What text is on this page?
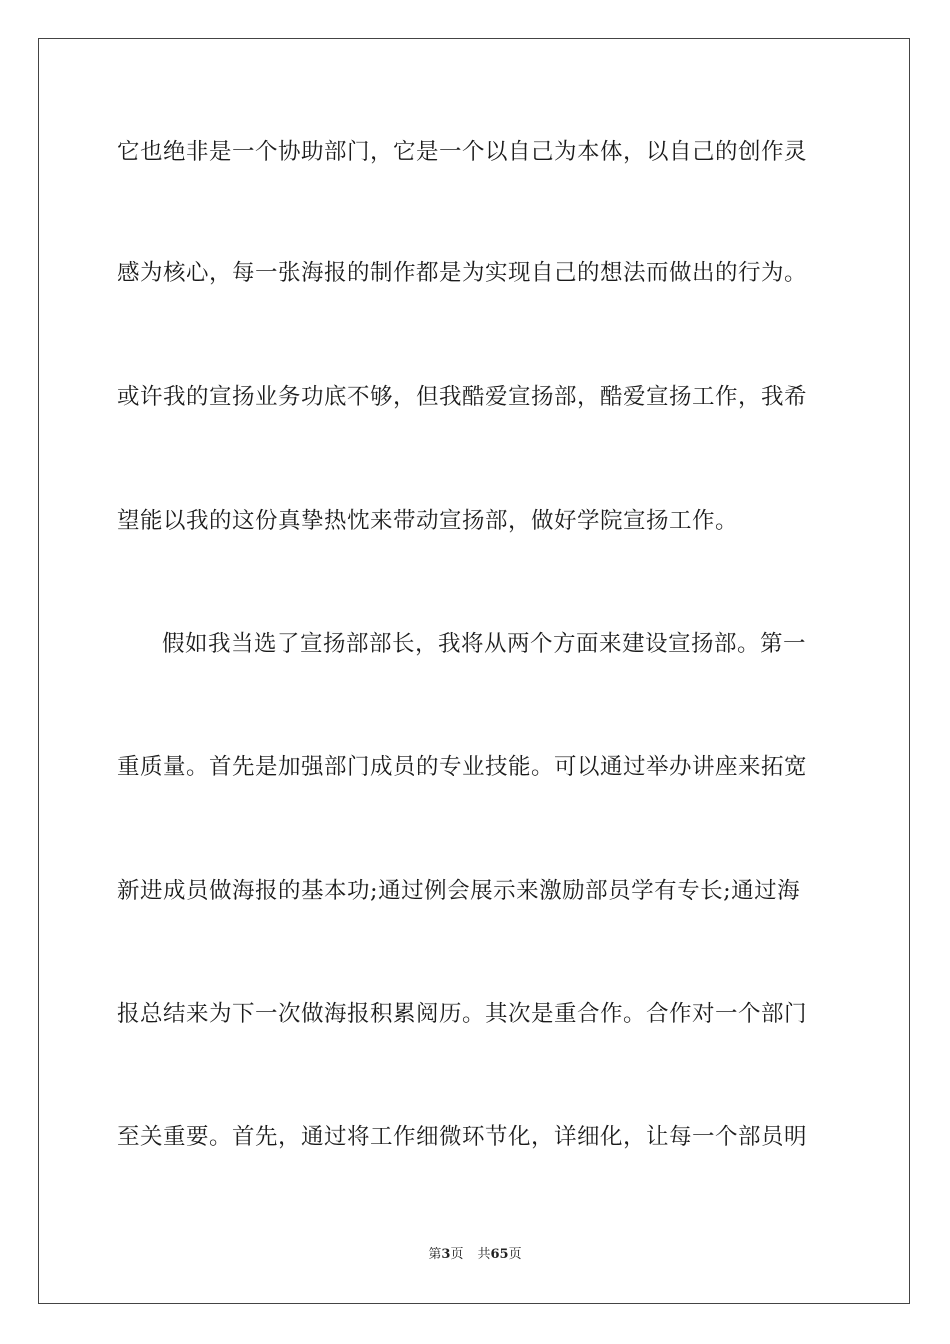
它也绝非是一个协助部门，它是一个以自己为本体，以自己的创作灵
感为核心，每一张海报的制作都是为实现自己的想法而做出的行为。
或许我的宣扬业务功底不够，但我酷爱宣扬部，酷爱宣扬工作，我希
望能以我的这份真挚热忱来带动宣扬部，做好学院宣扬工作。
假如我当选了宣扬部部长，我将从两个方面来建设宣扬部。第一
重质量。首先是加强部门成员的专业技能。可以通过举办讲座来拓宽
新进成员做海报的基本功;通过例会展示来激励部员学有专长;通过海
报总结来为下一次做海报积累阅历。其次是重合作。合作对一个部门
至关重要。首先，通过将工作细微环节化，详细化，让每一个部员明
第3页 共65页
